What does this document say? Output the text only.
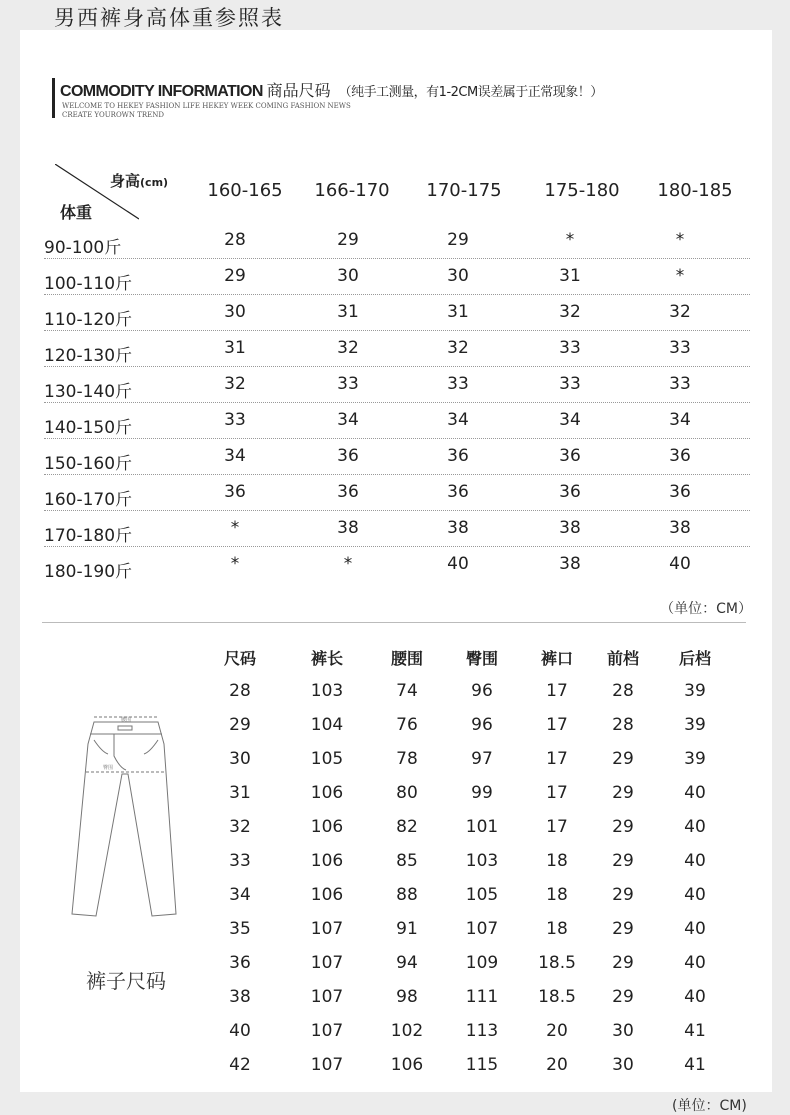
男西裤身高体重参照表
COMMODITY INFORMATION 商品尺码 （纯手工测量，有1-2CM误差属于正常现象！）
WELCOME TO HEKEY FASHION LIFE HEKEY WEEK COMING FASHION NEWS
CREATE YOUROWN TREND
身高(cm)
体重
160-165	166-170	170-175	175-180	180-185
90-100斤	28	29	29	*	*
100-110斤	29	30	30	31	*
110-120斤	30	31	31	32	32
120-130斤	31	32	32	33	33
130-140斤	32	33	33	33	33
140-150斤	33	34	34	34	34
150-160斤	34	36	36	36	36
160-170斤	36	36	36	36	36
170-180斤	*	38	38	38	38
180-190斤	*	*	40	38	40
（单位：CM）
尺码	裤长	腰围	臀围	裤口	前档	后档
28	103	74	96	17	28	39
29	104	76	96	17	28	39
30	105	78	97	17	29	39
31	106	80	99	17	29	40
32	106	82	101	17	29	40
33	106	85	103	18	29	40
34	106	88	105	18	29	40
35	107	91	107	18	29	40
36	107	94	109	18.5	29	40
38	107	98	111	18.5	29	40
40	107	102	113	20	30	41
42	107	106	115	20	30	41
腰围
臀围
裤子尺码
(单位：CM)
